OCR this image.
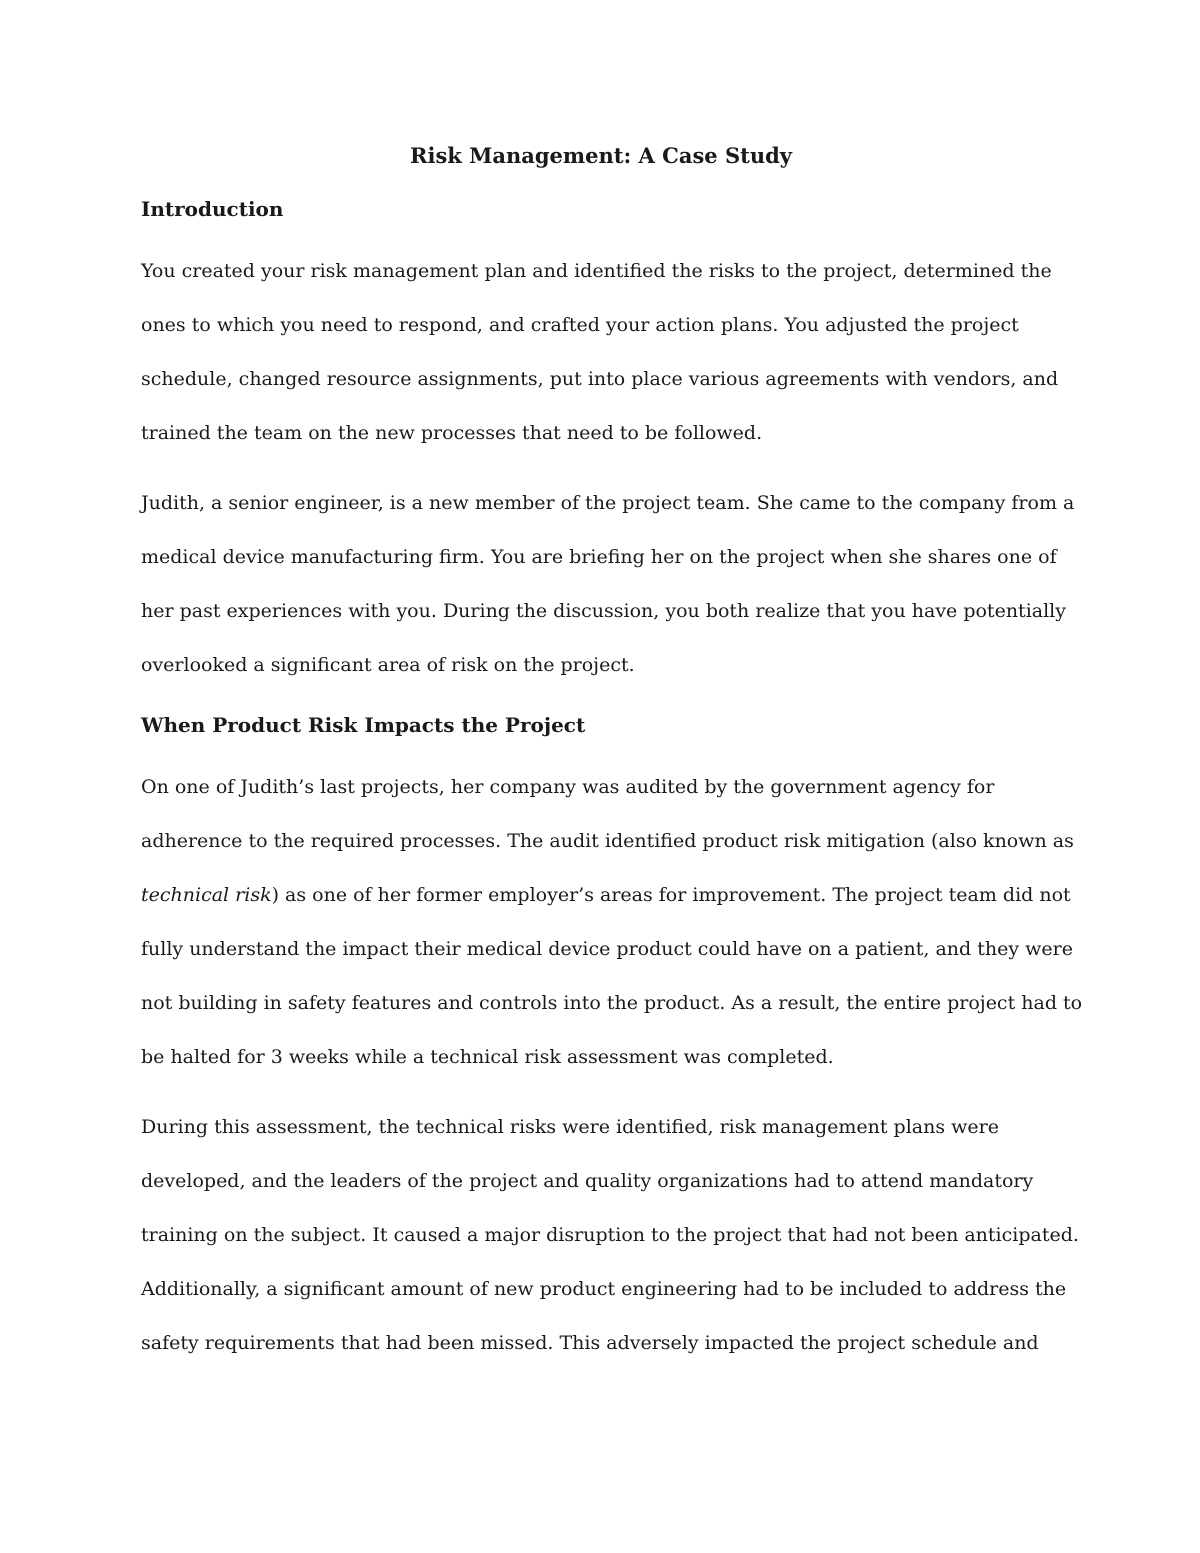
Risk Management: A Case Study
Introduction
You created your risk management plan and identified the risks to the project, determined the
ones to which you need to respond, and crafted your action plans. You adjusted the project
schedule, changed resource assignments, put into place various agreements with vendors, and
trained the team on the new processes that need to be followed.
Judith, a senior engineer, is a new member of the project team. She came to the company from a
medical device manufacturing firm. You are briefing her on the project when she shares one of
her past experiences with you. During the discussion, you both realize that you have potentially
overlooked a significant area of risk on the project.
When Product Risk Impacts the Project
On one of Judith’s last projects, her company was audited by the government agency for
adherence to the required processes. The audit identified product risk mitigation (also known as
technical risk) as one of her former employer’s areas for improvement. The project team did not
fully understand the impact their medical device product could have on a patient, and they were
not building in safety features and controls into the product. As a result, the entire project had to
be halted for 3 weeks while a technical risk assessment was completed.
During this assessment, the technical risks were identified, risk management plans were
developed, and the leaders of the project and quality organizations had to attend mandatory
training on the subject. It caused a major disruption to the project that had not been anticipated.
Additionally, a significant amount of new product engineering had to be included to address the
safety requirements that had been missed. This adversely impacted the project schedule and
